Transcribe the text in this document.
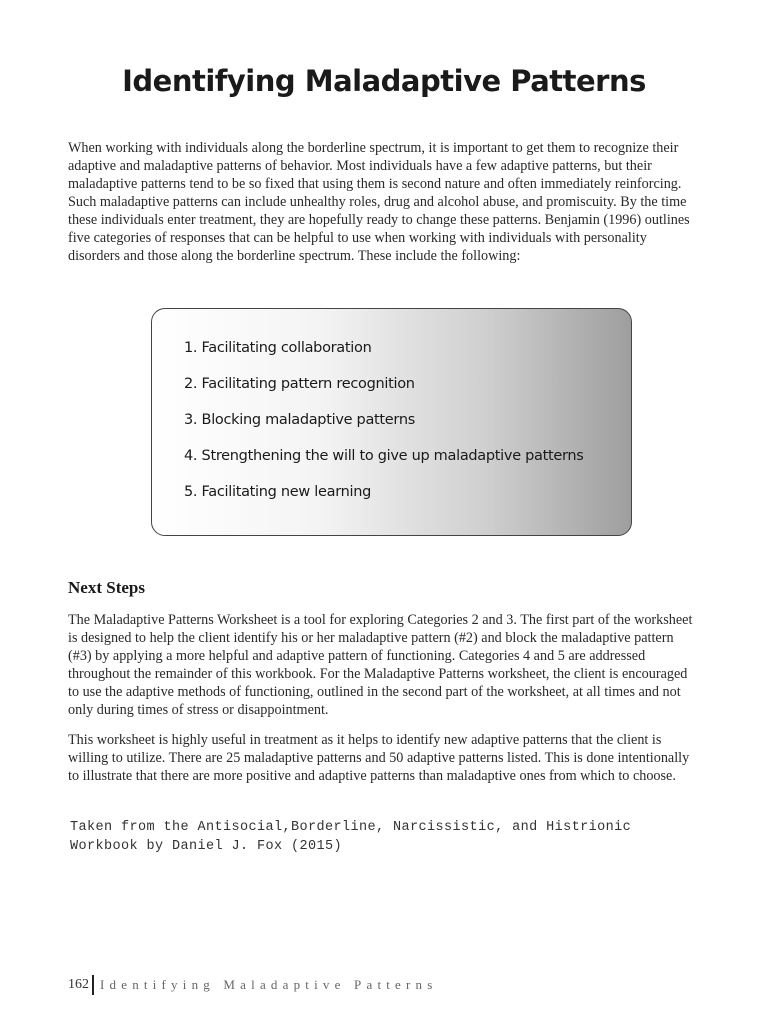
Identifying Maladaptive Patterns

When working with individuals along the borderline spectrum, it is important to get them to recognize their adaptive and maladaptive patterns of behavior. Most individuals have a few adaptive patterns, but their maladaptive patterns tend to be so fixed that using them is second nature and often immediately reinforcing. Such maladaptive patterns can include unhealthy roles, drug and alcohol abuse, and promiscuity. By the time these individuals enter treatment, they are hopefully ready to change these patterns. Benjamin (1996) outlines five categories of responses that can be helpful to use when working with individuals with personality disorders and those along the borderline spectrum. These include the following:

1. Facilitating collaboration
2. Facilitating pattern recognition
3. Blocking maladaptive patterns
4. Strengthening the will to give up maladaptive patterns
5. Facilitating new learning
Next Steps

The Maladaptive Patterns Worksheet is a tool for exploring Categories 2 and 3. The first part of the worksheet is designed to help the client identify his or her maladaptive pattern (#2) and block the maladaptive pattern (#3) by applying a more helpful and adaptive pattern of functioning. Categories 4 and 5 are addressed throughout the remainder of this workbook. For the Maladaptive Patterns worksheet, the client is encouraged to use the adaptive methods of functioning, outlined in the second part of the worksheet, at all times and not only during times of stress or disappointment.

This worksheet is highly useful in treatment as it helps to identify new adaptive patterns that the client is willing to utilize. There are 25 maladaptive patterns and 50 adaptive patterns listed. This is done intentionally to illustrate that there are more positive and adaptive patterns than maladaptive ones from which to choose.

Taken from the Antisocial,Borderline, Narcissistic, and Histrionic
Workbook by Daniel J. Fox (2015)
162 Identifying Maladaptive Patterns
